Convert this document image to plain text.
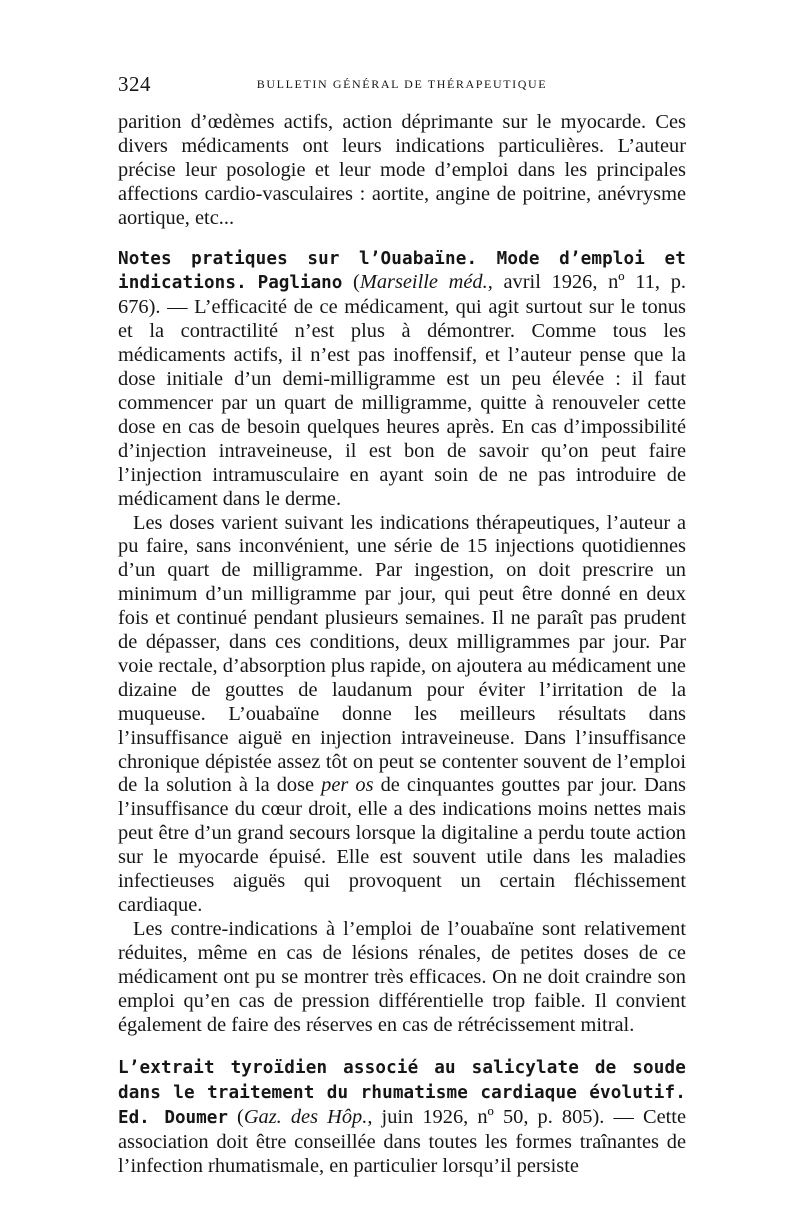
324	BULLETIN GÉNÉRAL DE THÉRAPEUTIQUE

parition d’œdèmes actifs, action déprimante sur le myocarde. Ces divers médicaments ont leurs indications particulières. L’auteur précise leur posologie et leur mode d’emploi dans les principales affections cardio-vasculaires : aortite, angine de poitrine, anévrysme aortique, etc...

Notes pratiques sur l’Ouabaïne. Mode d’emploi et indications. Pagliano (Marseille méd., avril 1926, nº 11, p. 676). — L’efficacité de ce médicament, qui agit surtout sur le tonus et la contractilité n’est plus à démontrer. Comme tous les médicaments actifs, il n’est pas inoffensif, et l’auteur pense que la dose initiale d’un demi-milligramme est un peu élevée : il faut commencer par un quart de milligramme, quitte à renouveler cette dose en cas de besoin quelques heures après. En cas d’impossibilité d’injection intraveineuse, il est bon de savoir qu’on peut faire l’injection intramusculaire en ayant soin de ne pas introduire de médicament dans le derme.

Les doses varient suivant les indications thérapeutiques, l’auteur a pu faire, sans inconvénient, une série de 15 injections quotidiennes d’un quart de milligramme. Par ingestion, on doit prescrire un minimum d’un milligramme par jour, qui peut être donné en deux fois et continué pendant plusieurs semaines. Il ne paraît pas prudent de dépasser, dans ces conditions, deux milligrammes par jour. Par voie rectale, d’absorption plus rapide, on ajoutera au médicament une dizaine de gouttes de laudanum pour éviter l’irritation de la muqueuse. L’ouabaïne donne les meilleurs résultats dans l’insuffisance aiguë en injection intraveineuse. Dans l’insuffisance chronique dépistée assez tôt on peut se contenter souvent de l’emploi de la solution à la dose per os de cinquantes gouttes par jour. Dans l’insuffisance du cœur droit, elle a des indications moins nettes mais peut être d’un grand secours lorsque la digitaline a perdu toute action sur le myocarde épuisé. Elle est souvent utile dans les maladies infectieuses aiguës qui provoquent un certain fléchissement cardiaque.

Les contre-indications à l’emploi de l’ouabaïne sont relativement réduites, même en cas de lésions rénales, de petites doses de ce médicament ont pu se montrer très efficaces. On ne doit craindre son emploi qu’en cas de pression différentielle trop faible. Il convient également de faire des réserves en cas de rétrécissement mitral.

L’extrait tyroïdien associé au salicylate de soude dans le traitement du rhumatisme cardiaque évolutif. Ed. Doumer (Gaz. des Hôp., juin 1926, nº 50, p. 805). — Cette association doit être conseillée dans toutes les formes traînantes de l’infection rhumatismale, en particulier lorsqu’il persiste
